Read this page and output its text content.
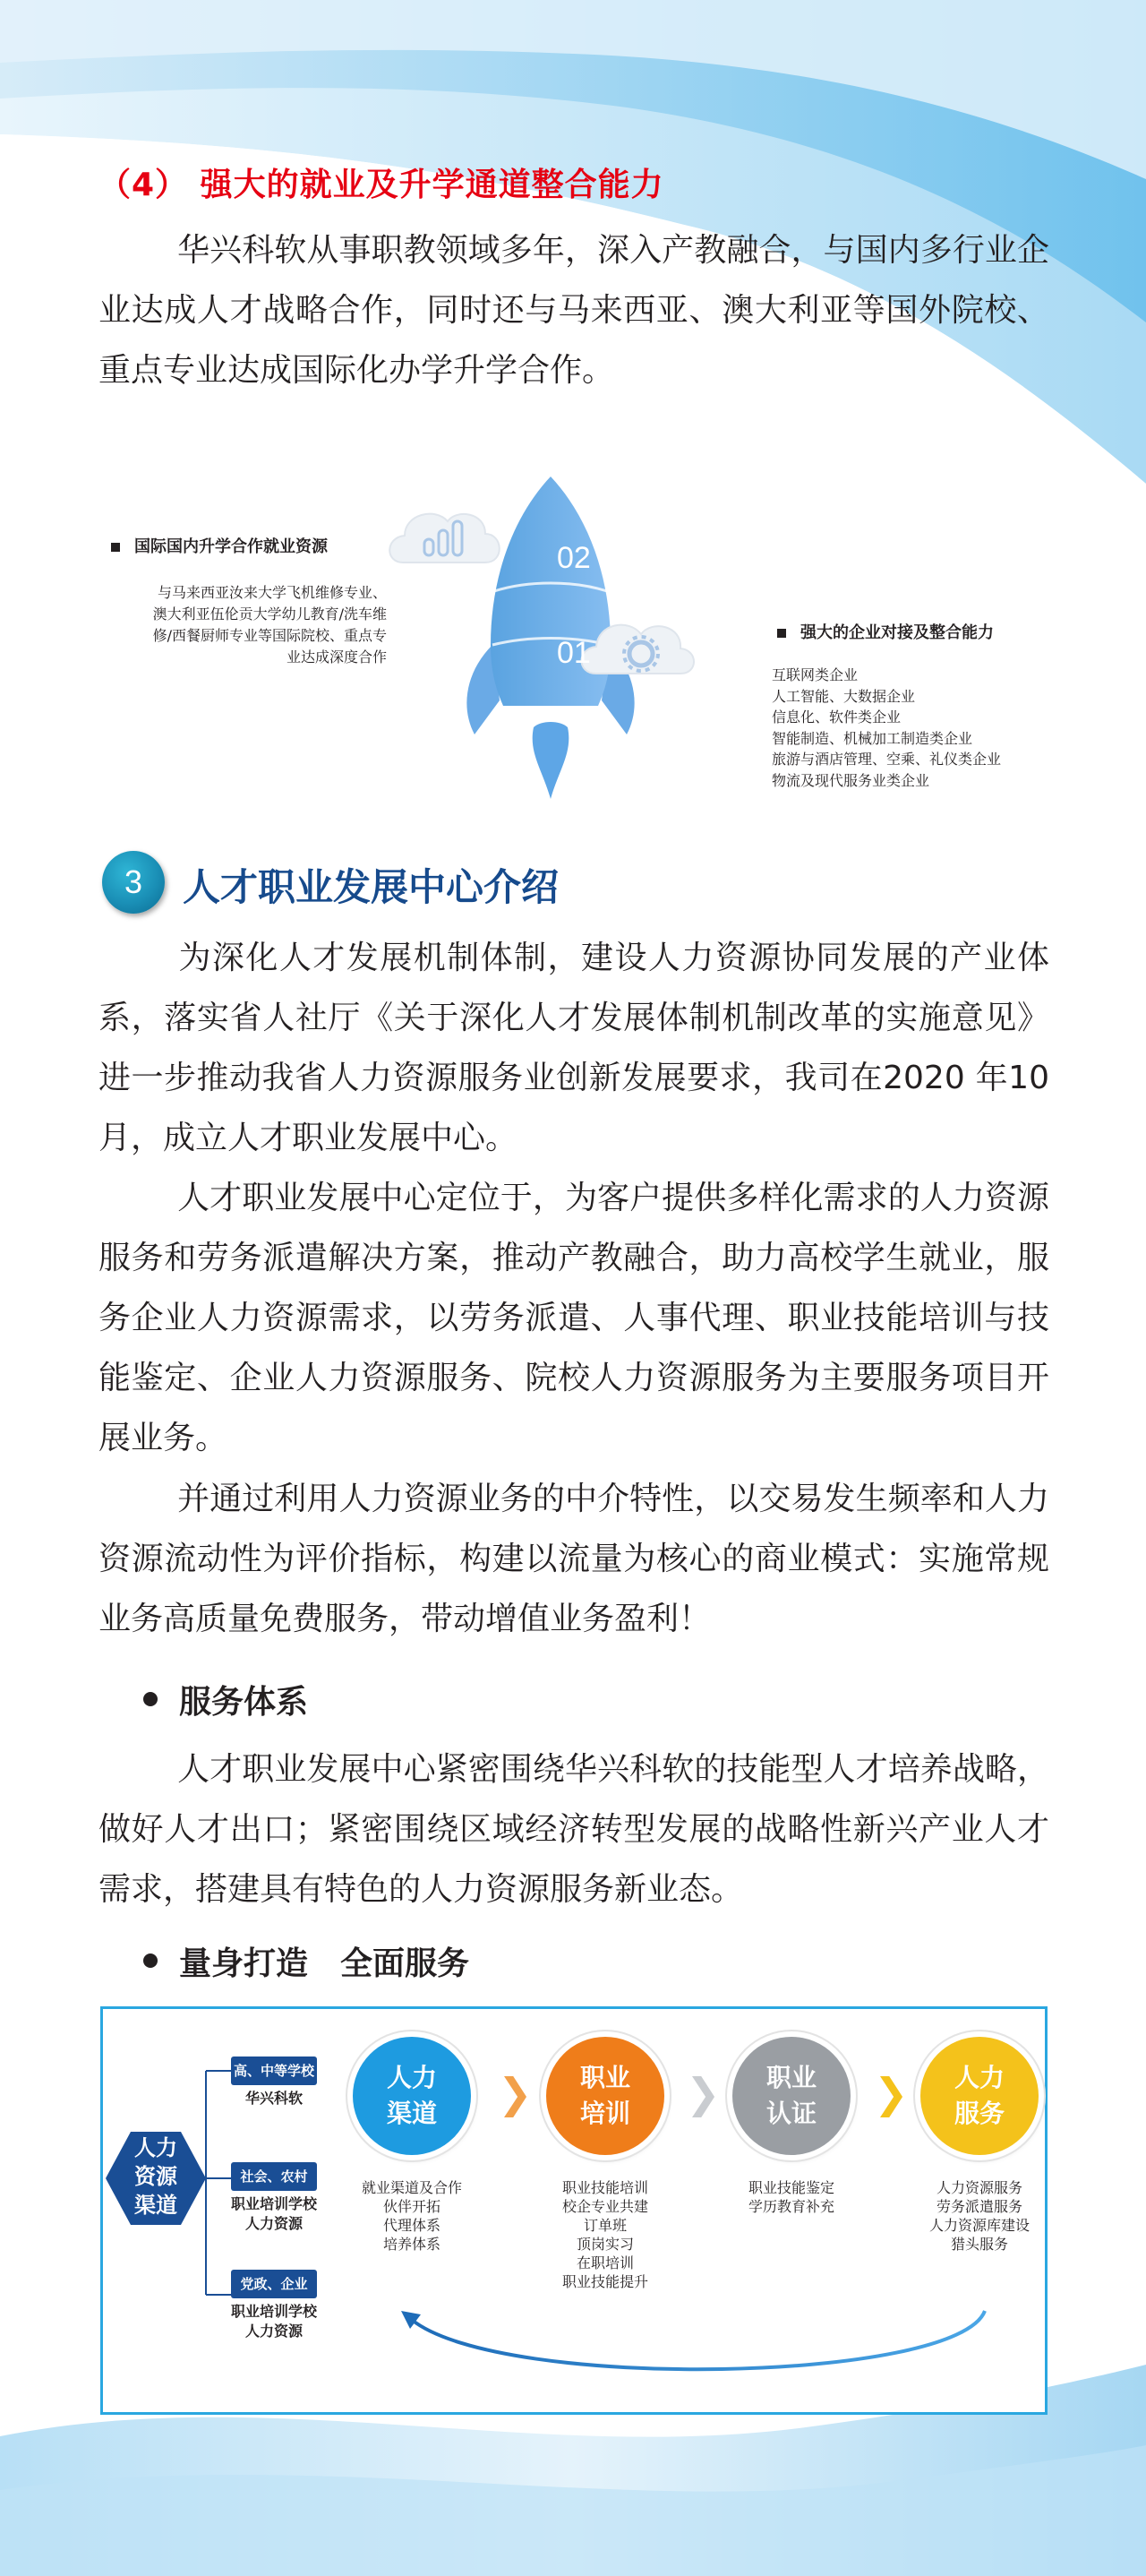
（4） 强大的就业及升学通道整合能力

华兴科软从事职教领域多年，深入产教融合，与国内多行业企业达成人才战略合作，同时还与马来西亚、澳大利亚等国外院校、重点专业达成国际化办学升学合作。

国际国内升学合作就业资源
与马来西亚汝来大学飞机维修专业、
澳大利亚伍伦贡大学幼儿教育/洗车维
修/西餐厨师专业等国际院校、重点专
业达成深度合作
02
01
强大的企业对接及整合能力
互联网类企业
人工智能、大数据企业
信息化、软件类企业
智能制造、机械加工制造类企业
旅游与酒店管理、空乘、礼仪类企业
物流及现代服务业类企业
3	人才职业发展中心介绍

为深化人才发展机制体制，建设人力资源协同发展的产业体系，落实省人社厅《关于深化人才发展体制机制改革的实施意见》进一步推动我省人力资源服务业创新发展要求，我司在2020 年10 月，成立人才职业发展中心。

人才职业发展中心定位于，为客户提供多样化需求的人力资源服务和劳务派遣解决方案，推动产教融合，助力高校学生就业，服务企业人力资源需求，以劳务派遣、人事代理、职业技能培训与技能鉴定、企业人力资源服务、院校人力资源服务为主要服务项目开展业务。

并通过利用人力资源业务的中介特性，以交易发生频率和人力资源流动性为评价指标，构建以流量为核心的商业模式：实施常规业务高质量免费服务，带动增值业务盈利！

服务体系

人才职业发展中心紧密围绕华兴科软的技能型人才培养战略，做好人才出口；紧密围绕区域经济转型发展的战略性新兴产业人才需求，搭建具有特色的人力资源服务新业态。

量身打造　全面服务
人力
资源
渠道
高、中等学校
华兴科软
社会、农村
职业培训学校
人力资源
党政、企业
职业培训学校
人力资源
人力
渠道
职业
培训
职业
认证
人力
服务
❯	❯	❯
就业渠道及合作
伙伴开拓
代理体系
培养体系
职业技能培训
校企专业共建
订单班
顶岗实习
在职培训
职业技能提升
职业技能鉴定
学历教育补充
人力资源服务
劳务派遣服务
人力资源库建设
猎头服务
